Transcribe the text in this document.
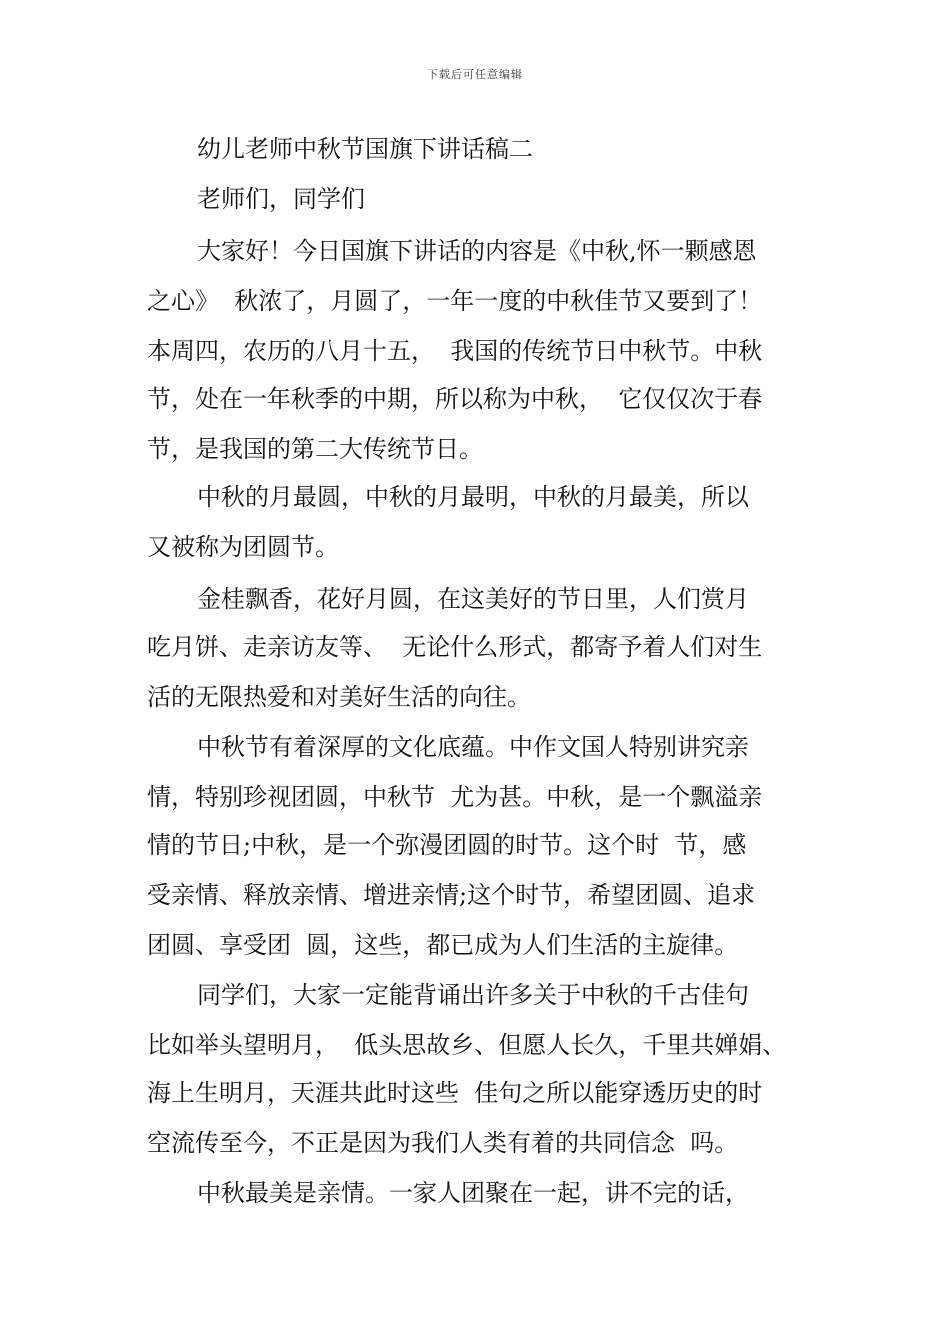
下载后可任意编辑
幼儿老师中秋节国旗下讲话稿二
老师们，同学们
大家好！今日国旗下讲话的内容是《中秋,怀一颗感恩
之心》  秋浓了，月圆了，一年一度的中秋佳节又要到了！
本周四，农历的八月十五，  我国的传统节日中秋节。中秋
节，处在一年秋季的中期，所以称为中秋，  它仅仅次于春
节，是我国的第二大传统节日。
中秋的月最圆，中秋的月最明，中秋的月最美，所以
又被称为团圆节。
金桂飘香，花好月圆，在这美好的节日里，人们赏月
吃月饼、走亲访友等、  无论什么形式，都寄予着人们对生
活的无限热爱和对美好生活的向往。
中秋节有着深厚的文化底蕴。中作文国人特别讲究亲
情，特别珍视团圆，中秋节  尤为甚。中秋，是一个飘溢亲
情的节日;中秋，是一个弥漫团圆的时节。这个时  节，感
受亲情、释放亲情、增进亲情;这个时节，希望团圆、追求
团圆、享受团  圆，这些，都已成为人们生活的主旋律。
同学们，大家一定能背诵出许多关于中秋的千古佳句
比如举头望明月，  低头思故乡、但愿人长久，千里共婵娟、
海上生明月，天涯共此时这些  佳句之所以能穿透历史的时
空流传至今，不正是因为我们人类有着的共同信念  吗。
中秋最美是亲情。一家人团聚在一起，讲不完的话，
